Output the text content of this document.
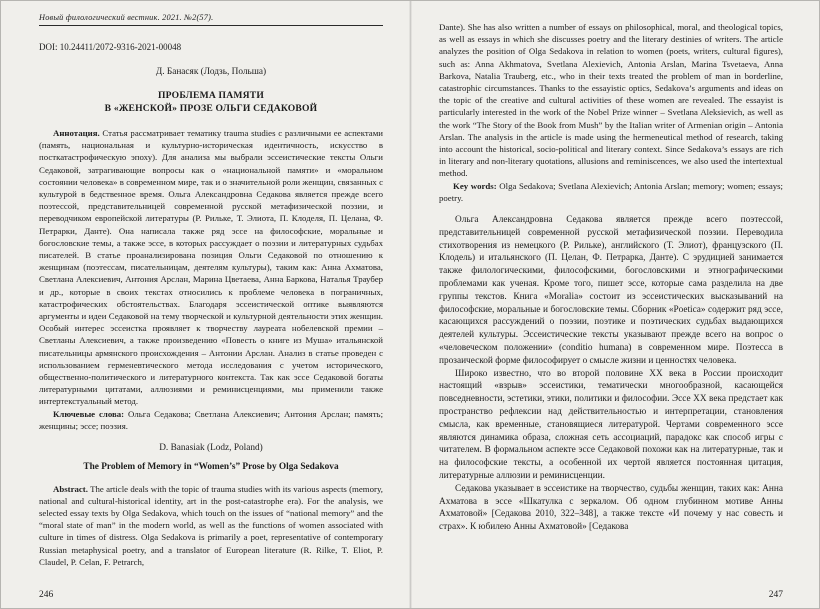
Новый филологический вестник. 2021. №2(57).
DOI: 10.24411/2072-9316-2021-00048
Д. Банасяк (Лодзь, Польша)
ПРОБЛЕМА ПАМЯТИ
В «ЖЕНСКОЙ» ПРОЗЕ ОЛЬГИ СЕДАКОВОЙ

Аннотация. Статья рассматривает тематику trauma studies с различными ее аспектами (память, национальная и культурно-историческая идентичность, искусство в посткатастрофическую эпоху). Для анализа мы выбрали эссеистические тексты Ольги Седаковой, затрагивающие вопросы как о «национальной памяти» и «моральном состоянии человека» в современном мире, так и о значительной роли женщин, связанных с культурой в бедственное время. Ольга Александровна Седакова является прежде всего поэтессой, представительницей современной русской метафизической поэзии, и переводчиком европейской литературы (Р. Рильке, Т. Элиота, П. Клоделя, П. Целана, Ф. Петрарки, Данте). Она написала также ряд эссе на философские, моральные и богословские темы, а также эссе, в которых рассуждает о поэзии и литературных судьбах писателей. В статье проанализирована позиция Ольги Седаковой по отношению к женщинам (поэтессам, писательницам, деятелям культуры), таким как: Анна Ахматова, Светлана Алексиевич, Антония Арслан, Марина Цветаева, Анна Баркова, Наталья Траубер и др., которые в своих текстах относились к проблеме человека в пограничных, катастрофических обстоятельствах. Благодаря эссеистической оптике выявляются аргументы и идеи Седаковой на тему творческой и культурной деятельности этих женщин. Особый интерес эссеистка проявляет к творчеству лауреата нобелевской премии – Светланы Алексиевич, а также произведению «Повесть о книге из Муша» итальянской писательницы армянского происхождения – Антонии Арслан. Анализ в статье проведен с использованием герменевтического метода исследования с учетом исторического, общественно-политического и литературного контекста. Так как эссе Седаковой богаты литературными цитатами, аллюзиями и реминисценциями, мы применили также интертекстуальный метод.

Ключевые слова: Ольга Седакова; Светлана Алексиевич; Антония Арслан; память; женщины; эссе; поэзия.

D. Banasiak (Lodz, Poland)
The Problem of Memory in “Women’s” Prose by Olga Sedakova

Abstract. The article deals with the topic of trauma studies with its various aspects (memory, national and cultural-historical identity, art in the post-catastrophe era). For the analysis, we selected essay texts by Olga Sedakova, which touch on the issues of “national memory” and the “moral state of man” in the modern world, as well as the functions of women associated with culture in times of distress. Olga Sedakova is primarily a poet, representative of contemporary Russian metaphysical poetry, and a translator of European literature (R. Rilke, T. Eliot, P. Claudel, P. Celan, F. Petrarch,

246

Dante). She has also written a number of essays on philosophical, moral, and theological topics, as well as essays in which she discusses poetry and the literary destinies of writers. The article analyzes the position of Olga Sedakova in relation to women (poets, writers, cultural figures), such as: Anna Akhmatova, Svetlana Alexievich, Antonia Arslan, Marina Tsvetaeva, Anna Barkova, Natalia Trauberg, etc., who in their texts treated the problem of man in borderline, catastrophic circumstances. Thanks to the essayistic optics, Sedakova’s arguments and ideas on the topic of the creative and cultural activities of these women are revealed. The essayist is particularly interested in the work of the Nobel Prize winner – Svetlana Aleksievich, as well as the work “The Story of the Book from Mush” by the Italian writer of Armenian origin – Antonia Arslan. The analysis in the article is made using the hermeneutical method of research, taking into account the historical, socio-political and literary context. Since Sedakova’s essays are rich in literary and non-literary quotations, allusions and reminiscences, we also used the intertextual method.

Key words: Olga Sedakova; Svetlana Alexievich; Antonia Arslan; memory; women; essays; poetry.

Ольга Александровна Седакова является прежде всего поэтессой, представительницей современной русской метафизической поэзии. Переводила стихотворения из немецкого (Р. Рильке), английского (Т. Элиот), французского (П. Клодель) и итальянского (П. Целан, Ф. Петрарка, Данте). С эрудицией занимается также филологическими, философскими, богословскими и этнографическими проблемами как ученая. Кроме того, пишет эссе, которые сама разделила на две группы текстов. Книга «Moralia» состоит из эссеистических высказываний на философские, моральные и богословские темы. Сборник «Poetica» содержит ряд эссе, касающихся рассуждений о поэзии, поэтике и поэтических судьбах выдающихся деятелей культуры. Эссеистические тексты указывают прежде всего на вопрос о «человеческом положении» (conditio humana) в современном мире. Поэтесса в прозаической форме философирует о смысле жизни и ценностях человека.

Широко известно, что во второй половине XX века в России происходит настоящий «взрыв» эссеистики, тематически многообразной, касающейся повседневности, эстетики, этики, политики и философии. Эссе XX века предстает как пространство рефлексии над действительностью и интерпретации, становления смысла, как временные, становящиеся литературой. Чертами современного эссе являются динамика образа, сложная сеть ассоциаций, парадокс как способ игры с читателем. В формальном аспекте эссе Седаковой похожи как на литературные, так и на философские тексты, а особенной их чертой является постоянная цитация, литературные аллюзии и реминисценции.

Седакова указывает в эссеистике на творчество, судьбы женщин, таких как: Анна Ахматова в эссе «Шкатулка с зеркалом. Об одном глубинном мотиве Анны Ахматовой» [Седакова 2010, 322–348], а также тексте «И почему у нас совесть и страх». К юбилею Анны Ахматовой» [Седакова

247
